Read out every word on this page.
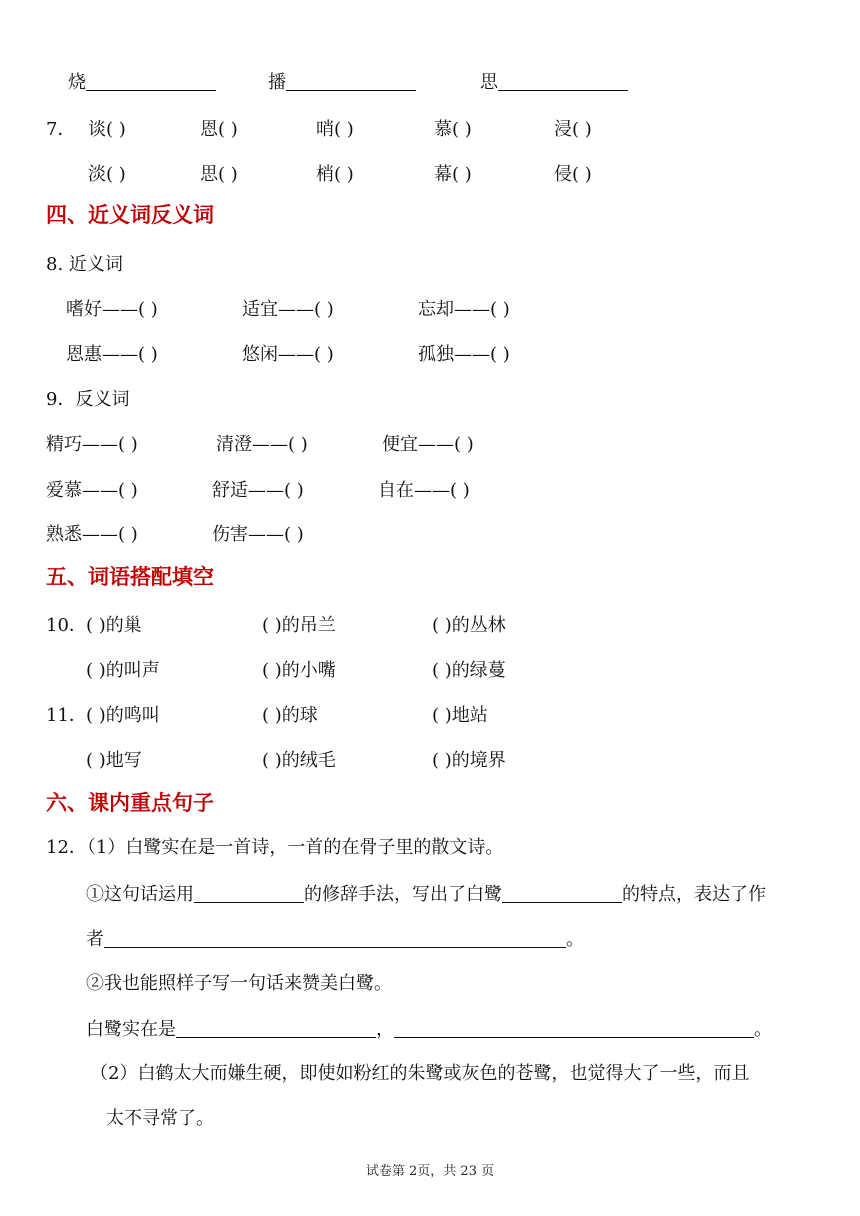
烧	播	思
7． 谈( )	恩( )	哨( )	慕( )	浸( )
淡( )	思( )	梢( )	幕( )	侵( )
四、近义词反义词
8. 近义词
嗜好——( )	适宜——( )	忘却——( )
恩惠——( )	悠闲——( )	孤独——( )
9．反义词
精巧——( )	清澄——( )	便宜——( )
爱慕——( )	舒适——( )	自在——( )
熟悉——( )	伤害——( )
五、词语搭配填空
10． ( )的巢	( )的吊兰	( )的丛林
( )的叫声	( )的小嘴	( )的绿蔓
11． ( )的鸣叫	( )的球	( )地站
( )地写	( )的绒毛	( )的境界
六、课内重点句子
12．（1）白鹭实在是一首诗，一首的在骨子里的散文诗。
①这句话运用	的修辞手法，写出了白鹭	的特点，表达了作
者	。
②我也能照样子写一句话来赞美白鹭。
白鹭实在是	，	。
（2）白鹤太大而嫌生硬，即使如粉红的朱鹭或灰色的苍鹭，也觉得大了一些，而且
太不寻常了。
试卷第 2页，共 23 页
